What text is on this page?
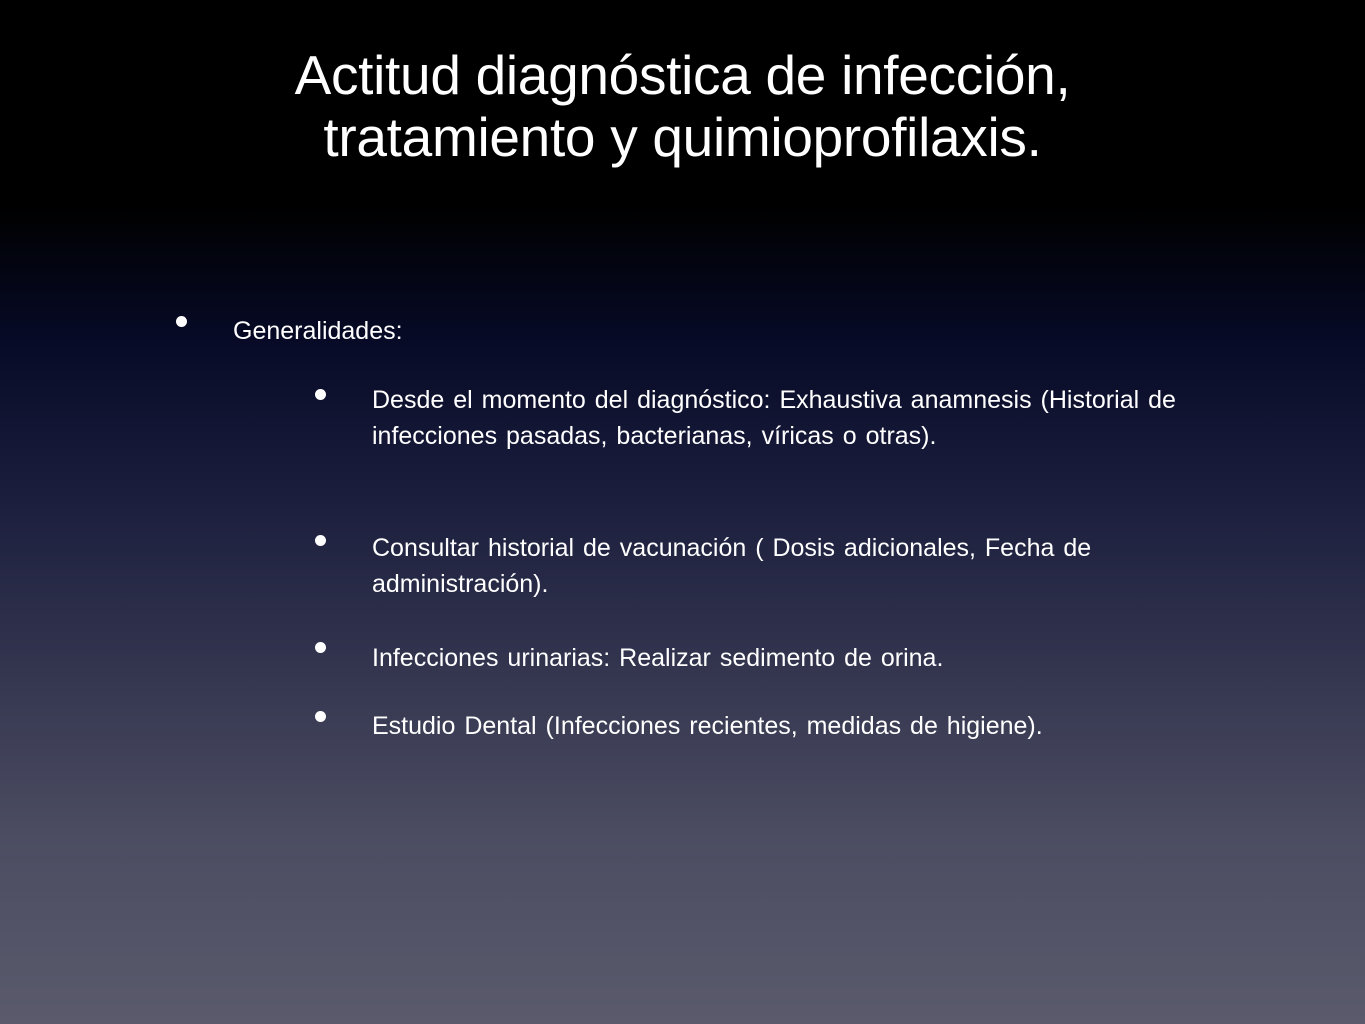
Actitud diagnóstica de infección,
tratamiento y quimioprofilaxis.
Generalidades:
Desde el momento del diagnóstico: Exhaustiva anamnesis (Historial de infecciones pasadas, bacterianas, víricas o otras).
Consultar historial de vacunación ( Dosis adicionales, Fecha de administración).
Infecciones urinarias: Realizar sedimento de orina.
Estudio Dental (Infecciones recientes, medidas de higiene).
